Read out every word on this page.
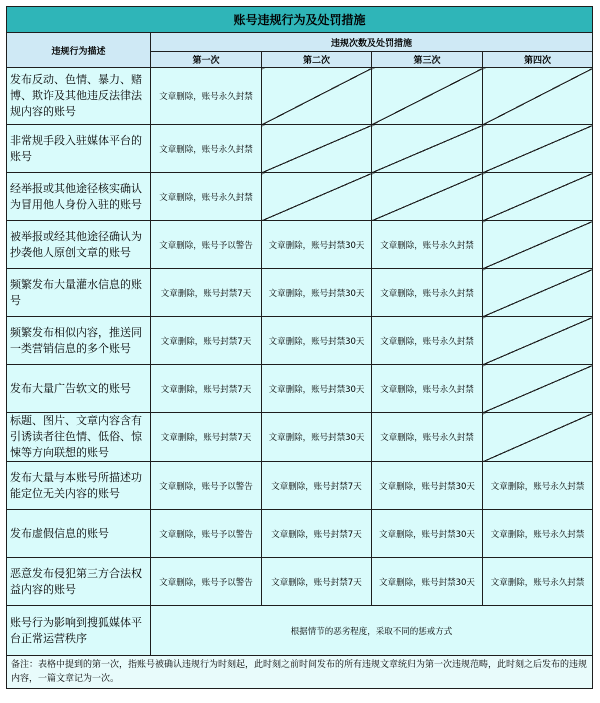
账号违规行为及处罚措施				
违规行为描述	违规次数及处罚措施			
	第一次	第二次	第三次	第四次
发布反动、色情、暴力、赌博、欺诈及其他违反法律法规内容的账号	文章删除，账号永久封禁			
非常规手段入驻媒体平台的账号	文章删除，账号永久封禁			
经举报或其他途径核实确认为冒用他人身份入驻的账号	文章删除，账号永久封禁			
被举报或经其他途径确认为抄袭他人原创文章的账号	文章删除，账号予以警告	文章删除，账号封禁30天	文章删除，账号永久封禁	
频繁发布大量灌水信息的账号	文章删除，账号封禁7天	文章删除，账号封禁30天	文章删除，账号永久封禁	
频繁发布相似内容，推送同一类营销信息的多个账号	文章删除，账号封禁7天	文章删除，账号封禁30天	文章删除，账号永久封禁	
发布大量广告软文的账号	文章删除，账号封禁7天	文章删除，账号封禁30天	文章删除，账号永久封禁	
标题、图片、文章内容含有引诱读者往色情、低俗、惊悚等方向联想的账号	文章删除，账号封禁7天	文章删除，账号封禁30天	文章删除，账号永久封禁	
发布大量与本账号所描述功能定位无关内容的账号	文章删除，账号予以警告	文章删除，账号封禁7天	文章删除，账号封禁30天	文章删除，账号永久封禁
发布虚假信息的账号	文章删除，账号予以警告	文章删除，账号封禁7天	文章删除，账号封禁30天	文章删除，账号永久封禁
恶意发布侵犯第三方合法权益内容的账号	文章删除，账号予以警告	文章删除，账号封禁7天	文章删除，账号封禁30天	文章删除，账号永久封禁
账号行为影响到搜狐媒体平台正常运营秩序	根据情节的恶劣程度，采取不同的惩戒方式			
备注：表格中提到的第一次，指账号被确认违规行为时刻起，此时刻之前时间发布的所有违规文章统归为第一次违规范畴，此时刻之后发布的违规内容，一篇文章记为一次。				
